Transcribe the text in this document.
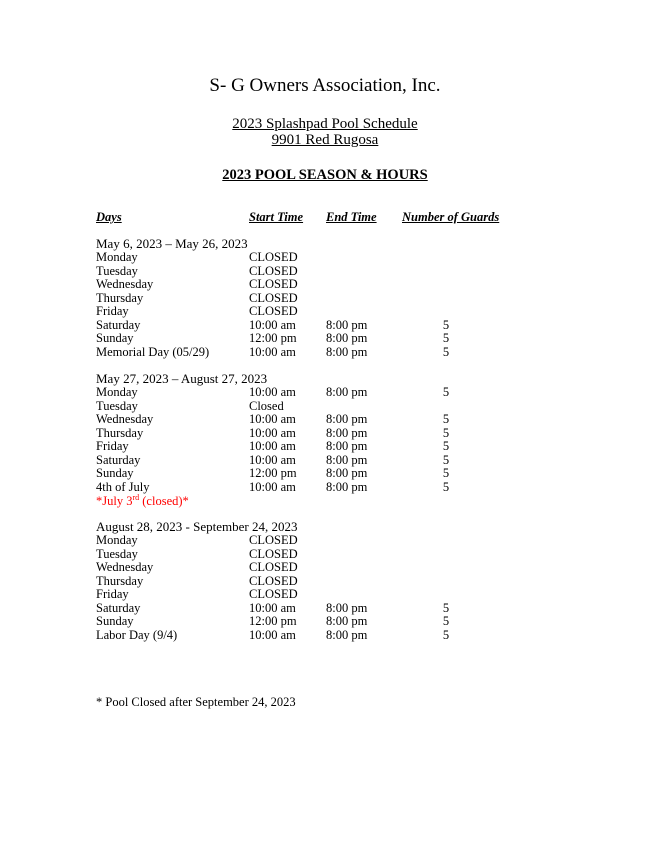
S- G Owners Association, Inc.
2023 Splashpad Pool Schedule
9901 Red Rugosa
2023 POOL SEASON & HOURS
Days	Start Time End Time Number of Guards
May 6, 2023 – May 26, 2023
Monday	CLOSED
Tuesday	CLOSED
Wednesday	CLOSED
Thursday	CLOSED
Friday	CLOSED
Saturday	10:00 am 8:00 pm	5
Sunday	12:00 pm 8:00 pm	5
Memorial Day (05/29)	10:00 am 8:00 pm	5
May 27, 2023 – August 27, 2023
Monday	10:00 am 8:00 pm	5
Tuesday	Closed
Wednesday	10:00 am 8:00 pm	5
Thursday	10:00 am 8:00 pm	5
Friday	10:00 am 8:00 pm	5
Saturday	10:00 am 8:00 pm	5
Sunday	12:00 pm 8:00 pm	5
4th of July	10:00 am 8:00 pm	5
*July 3rd (closed)*
August 28, 2023 - September 24, 2023
Monday	CLOSED
Tuesday	CLOSED
Wednesday	CLOSED
Thursday	CLOSED
Friday	CLOSED
Saturday	10:00 am 8:00 pm	5
Sunday	12:00 pm 8:00 pm	5
Labor Day (9/4)	10:00 am 8:00 pm	5
* Pool Closed after September 24, 2023
